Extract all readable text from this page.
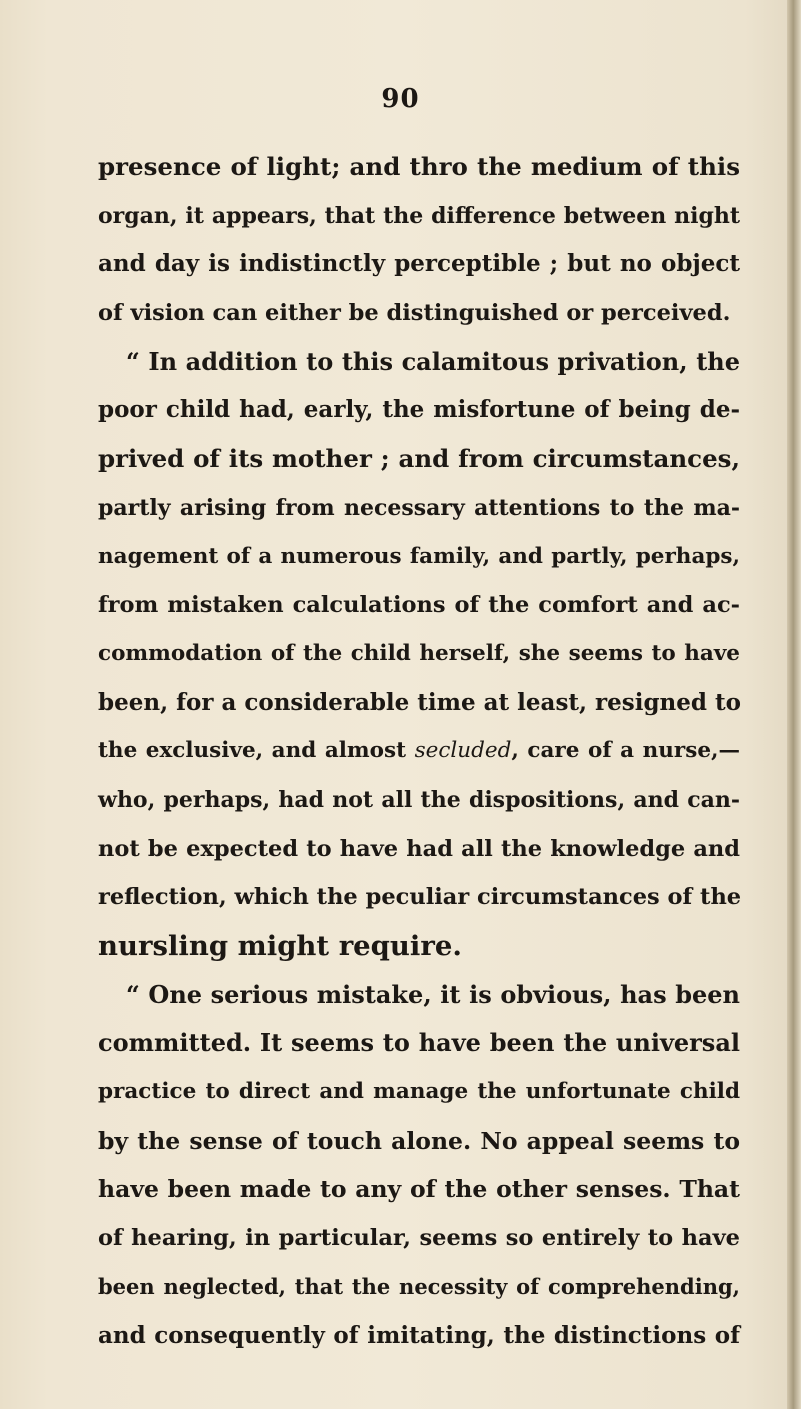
90
presence of light; and thro the medium of this
organ, it appears, that the difference between night
and day is indistinctly perceptible ; but no object
of vision can either be distinguished or perceived.
“ In addition to this calamitous privation, the
poor child had, early, the misfortune of being de-
prived of its mother ; and from circumstances,
partly arising from necessary attentions to the ma-
nagement of a numerous family, and partly, perhaps,
from mistaken calculations of the comfort and ac-
commodation of the child herself, she seems to have
been, for a considerable time at least, resigned to
the exclusive, and almost secluded, care of a nurse,—
who, perhaps, had not all the dispositions, and can-
not be expected to have had all the knowledge and
reflection, which the peculiar circumstances of the
nursling might require.
“ One serious mistake, it is obvious, has been
committed. It seems to have been the universal
practice to direct and manage the unfortunate child
by the sense of touch alone. No appeal seems to
have been made to any of the other senses. That
of hearing, in particular, seems so entirely to have
been neglected, that the necessity of comprehending,
and consequently of imitating, the distinctions of
